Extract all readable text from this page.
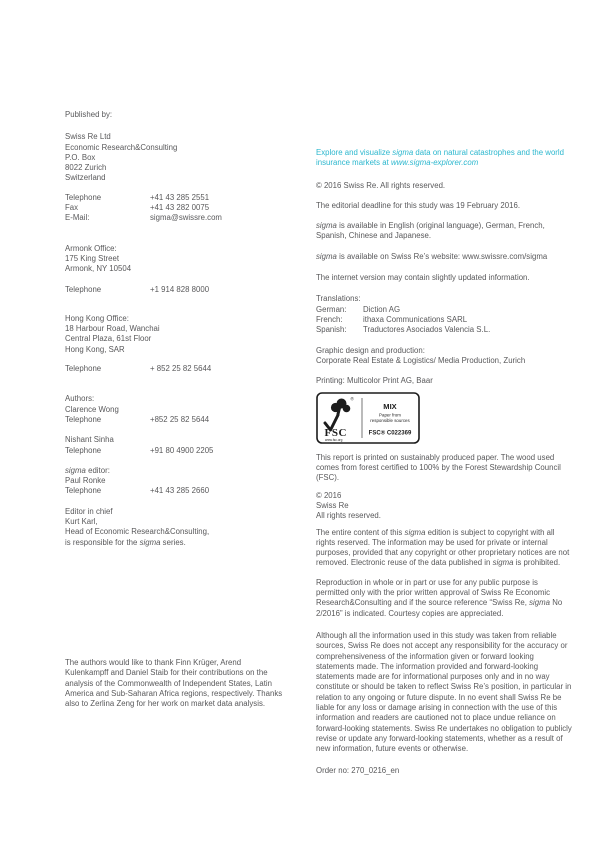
Published by:
Swiss Re Ltd
Economic Research&Consulting
P.O. Box
8022 Zurich
Switzerland
Telephone	+41 43 285 2551
Fax	+41 43 282 0075
E-Mail:	sigma@swissre.com
Armonk Office:
175 King Street
Armonk, NY 10504
Telephone	+1 914 828 8000
Hong Kong Office:
18 Harbour Road, Wanchai
Central Plaza, 61st Floor
Hong Kong, SAR
Telephone	+ 852 25 82 5644
Authors:
Clarence Wong
Telephone	+852 25 82 5644
Nishant Sinha
Telephone	+91 80 4900 2205
sigma editor:
Paul Ronke
Telephone	+41 43 285 2660
Editor in chief
Kurt Karl,
Head of Economic Research&Consulting,
is responsible for the sigma series.
The authors would like to thank Finn Krüger, Arend Kulenkampff and Daniel Staib for their contributions on the analysis of the Commonwealth of Independent States, Latin America and Sub-Saharan Africa regions, respectively. Thanks also to Zerlina Zeng for her work on market data analysis.
Explore and visualize sigma data on natural catastrophes and the world insurance markets at www.sigma-explorer.com
© 2016 Swiss Re. All rights reserved.
The editorial deadline for this study was 19 February 2016.
sigma is available in English (original language), German, French, Spanish, Chinese and Japanese.
sigma is available on Swiss Re’s website: www.swissre.com/sigma
The internet version may contain slightly updated information.
Translations:
German:	Diction AG
French:	ithaxa Communications SARL
Spanish:	Traductores Asociados Valencia S.L.
Graphic design and production:
Corporate Real Estate & Logistics/ Media Production, Zurich
Printing: Multicolor Print AG, Baar
®
FSC
www.fsc.org
MIX
Paper from
responsible sources
FSC® C022369
This report is printed on sustainably produced paper. The wood used comes from forest certified to 100% by the Forest Stewardship Council (FSC).
© 2016
Swiss Re
All rights reserved.
The entire content of this sigma edition is subject to copyright with all rights reserved. The information may be used for private or internal purposes, provided that any copyright or other proprietary notices are not removed. Electronic reuse of the data published in sigma is prohibited.
Reproduction in whole or in part or use for any public purpose is permitted only with the prior written approval of Swiss Re Economic Research&Consulting and if the source reference “Swiss Re, sigma No 2/2016” is indicated. Courtesy copies are appreciated.
Although all the information used in this study was taken from reliable sources, Swiss Re does not accept any responsibility for the accuracy or comprehensiveness of the information given or forward looking statements made. The information provided and forward-looking statements made are for informational purposes only and in no way constitute or should be taken to reflect Swiss Re’s position, in particular in relation to any ongoing or future dispute. In no event shall Swiss Re be liable for any loss or damage arising in connection with the use of this information and readers are cautioned not to place undue reliance on forward-looking statements. Swiss Re undertakes no obligation to publicly revise or update any forward-looking statements, whether as a result of new information, future events or otherwise.
Order no: 270_0216_en
